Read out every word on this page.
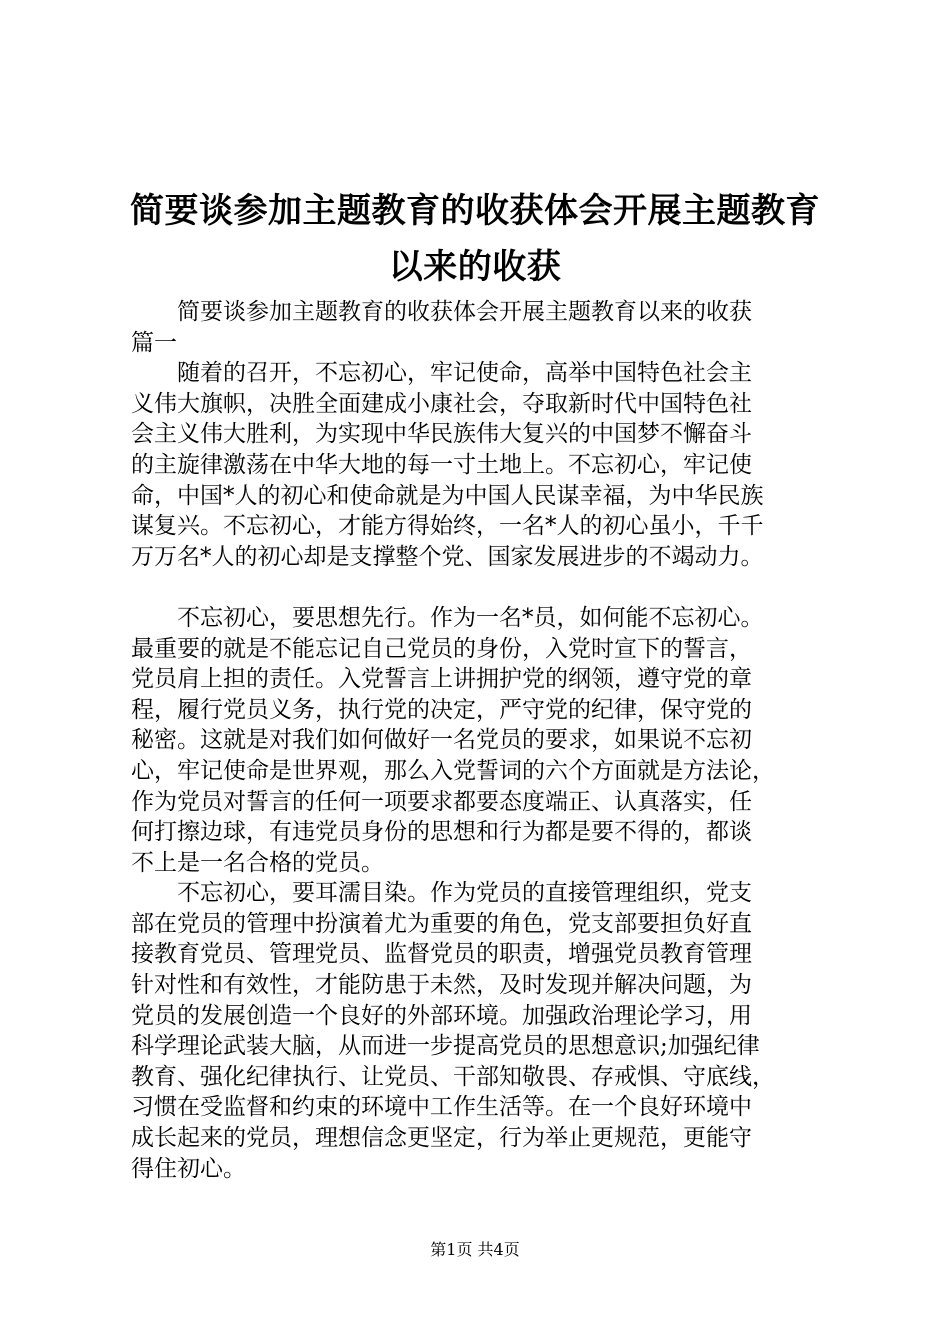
简要谈参加主题教育的收获体会开展主题教育
以来的收获
简要谈参加主题教育的收获体会开展主题教育以来的收获
篇一
随着的召开，不忘初心，牢记使命，高举中国特色社会主
义伟大旗帜，决胜全面建成小康社会，夺取新时代中国特色社
会主义伟大胜利，为实现中华民族伟大复兴的中国梦不懈奋斗
的主旋律激荡在中华大地的每一寸土地上。不忘初心，牢记使
命，中国*人的初心和使命就是为中国人民谋幸福，为中华民族
谋复兴。不忘初心，才能方得始终，一名*人的初心虽小，千千
万万名*人的初心却是支撑整个党、国家发展进步的不竭动力。
不忘初心，要思想先行。作为一名*员，如何能不忘初心。
最重要的就是不能忘记自己党员的身份，入党时宣下的誓言，
党员肩上担的责任。入党誓言上讲拥护党的纲领，遵守党的章
程，履行党员义务，执行党的决定，严守党的纪律，保守党的
秘密。这就是对我们如何做好一名党员的要求，如果说不忘初
心，牢记使命是世界观，那么入党誓词的六个方面就是方法论，
作为党员对誓言的任何一项要求都要态度端正、认真落实，任
何打擦边球，有违党员身份的思想和行为都是要不得的，都谈
不上是一名合格的党员。
不忘初心，要耳濡目染。作为党员的直接管理组织，党支
部在党员的管理中扮演着尤为重要的角色，党支部要担负好直
接教育党员、管理党员、监督党员的职责，增强党员教育管理
针对性和有效性，才能防患于未然，及时发现并解决问题，为
党员的发展创造一个良好的外部环境。加强政治理论学习，用
科学理论武装大脑，从而进一步提高党员的思想意识;加强纪律
教育、强化纪律执行、让党员、干部知敬畏、存戒惧、守底线，
习惯在受监督和约束的环境中工作生活等。在一个良好环境中
成长起来的党员，理想信念更坚定，行为举止更规范，更能守
得住初心。
第1页 共4页
